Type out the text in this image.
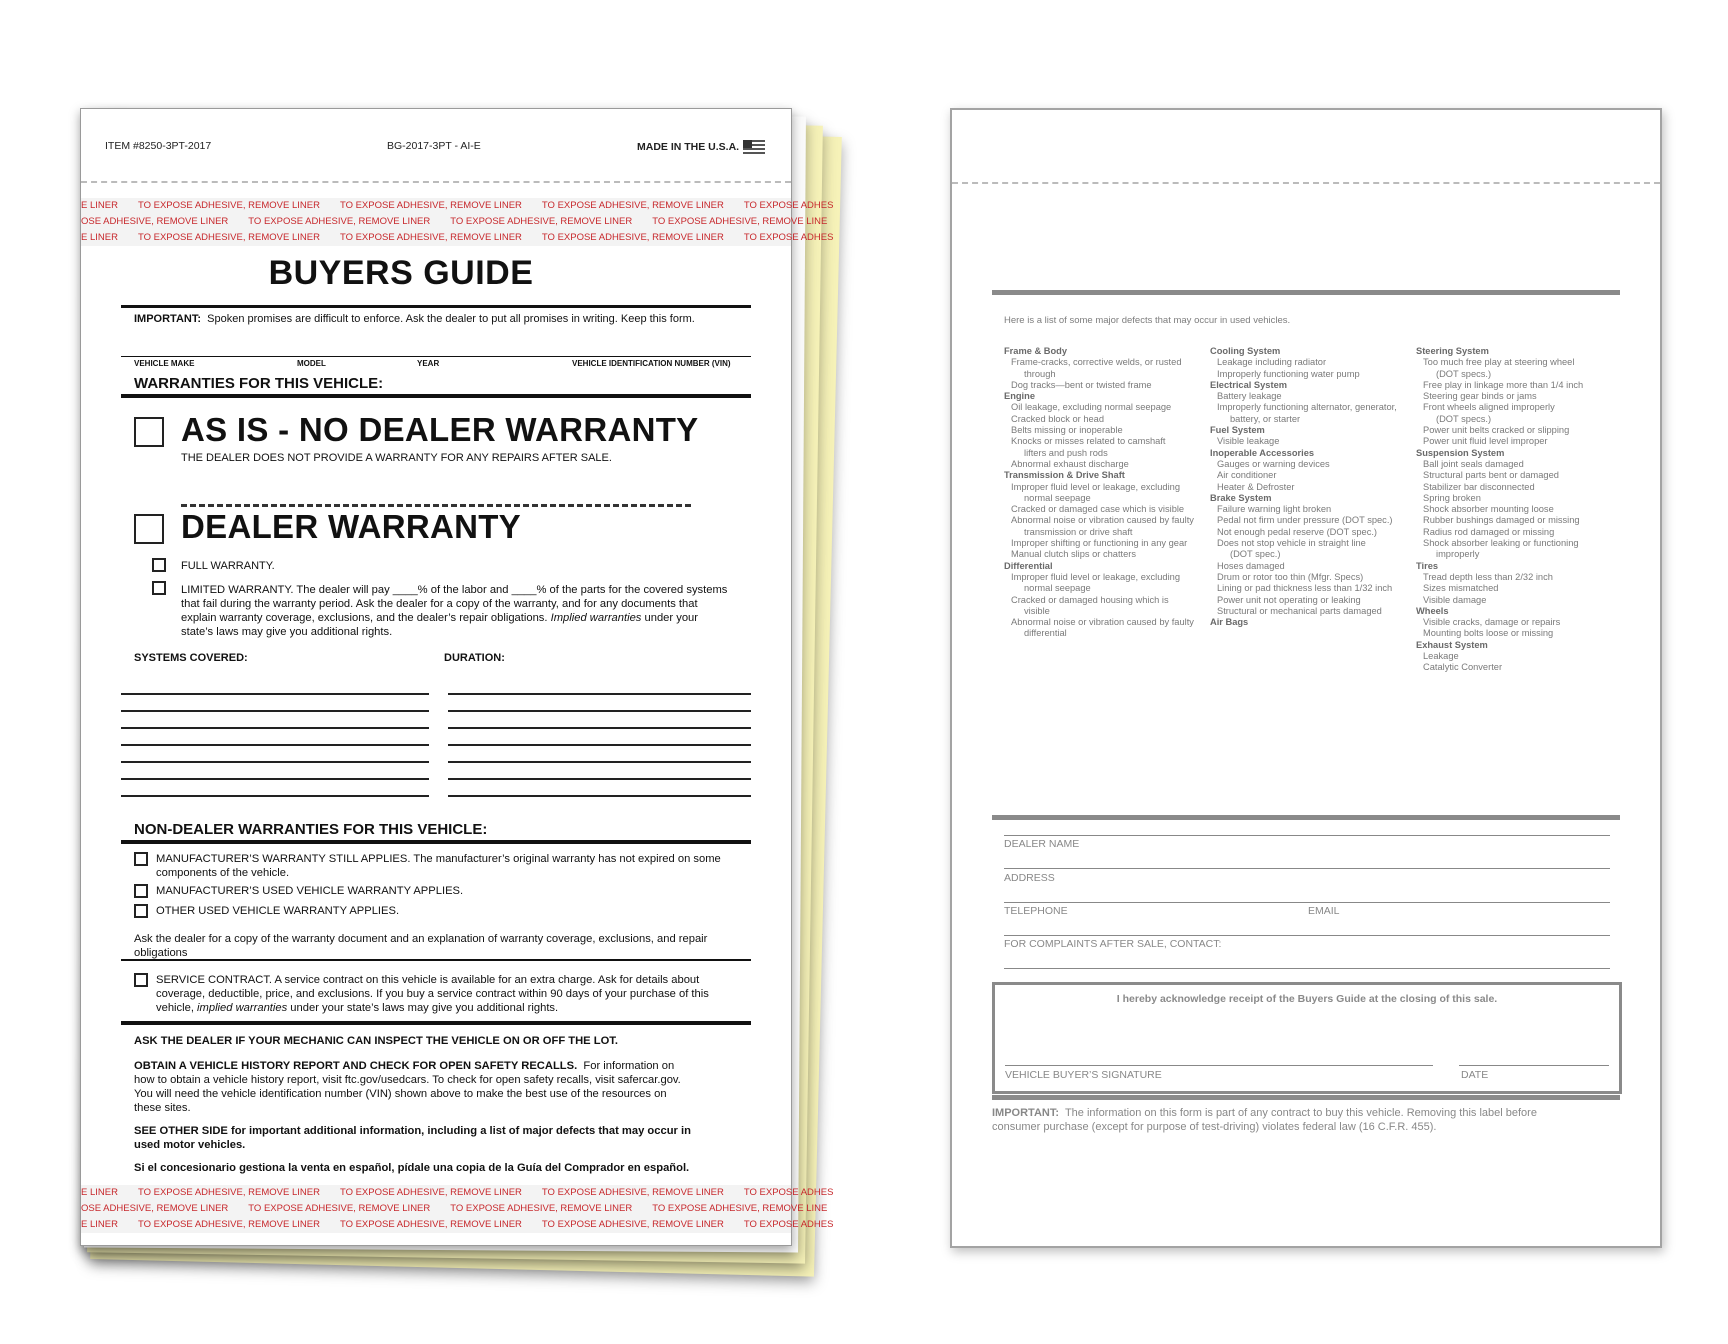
ITEM #8250-3PT-2017	BG-2017-3PT - AI-E	MADE IN THE U.S.A.
E LINER TO EXPOSE ADHESIVE, REMOVE LINER TO EXPOSE ADHESIVE, REMOVE LINER TO EXPOSE ADHESIVE, REMOVE LINER TO EXPOSE ADHES
OSE ADHESIVE, REMOVE LINER TO EXPOSE ADHESIVE, REMOVE LINER TO EXPOSE ADHESIVE, REMOVE LINER TO EXPOSE ADHESIVE, REMOVE LINE
E LINER TO EXPOSE ADHESIVE, REMOVE LINER TO EXPOSE ADHESIVE, REMOVE LINER TO EXPOSE ADHESIVE, REMOVE LINER TO EXPOSE ADHES
BUYERS GUIDE
IMPORTANT: Spoken promises are difficult to enforce. Ask the dealer to put all promises in writing. Keep this form.
VEHICLE MAKE	MODEL	YEAR	VEHICLE IDENTIFICATION NUMBER (VIN)
WARRANTIES FOR THIS VEHICLE:
AS IS - NO DEALER WARRANTY
THE DEALER DOES NOT PROVIDE A WARRANTY FOR ANY REPAIRS AFTER SALE.
DEALER WARRANTY
FULL WARRANTY.
LIMITED WARRANTY. The dealer will pay ____% of the labor and ____% of the parts for the covered systems
that fail during the warranty period. Ask the dealer for a copy of the warranty, and for any documents that
explain warranty coverage, exclusions, and the dealer’s repair obligations. Implied warranties under your
state’s laws may give you additional rights.
SYSTEMS COVERED:	DURATION:
NON-DEALER WARRANTIES FOR THIS VEHICLE:
MANUFACTURER’S WARRANTY STILL APPLIES. The manufacturer’s original warranty has not expired on some
components of the vehicle.
MANUFACTURER’S USED VEHICLE WARRANTY APPLIES.
OTHER USED VEHICLE WARRANTY APPLIES.
Ask the dealer for a copy of the warranty document and an explanation of warranty coverage, exclusions, and repair
obligations
SERVICE CONTRACT. A service contract on this vehicle is available for an extra charge. Ask for details about
coverage, deductible, price, and exclusions. If you buy a service contract within 90 days of your purchase of this
vehicle, implied warranties under your state’s laws may give you additional rights.
ASK THE DEALER IF YOUR MECHANIC CAN INSPECT THE VEHICLE ON OR OFF THE LOT.
OBTAIN A VEHICLE HISTORY REPORT AND CHECK FOR OPEN SAFETY RECALLS. For information on
how to obtain a vehicle history report, visit ftc.gov/usedcars. To check for open safety recalls, visit safercar.gov.
You will need the vehicle identification number (VIN) shown above to make the best use of the resources on
these sites.
SEE OTHER SIDE for important additional information, including a list of major defects that may occur in
used motor vehicles.
Si el concesionario gestiona la venta en español, pídale una copia de la Guía del Comprador en español.
E LINER TO EXPOSE ADHESIVE, REMOVE LINER TO EXPOSE ADHESIVE, REMOVE LINER TO EXPOSE ADHESIVE, REMOVE LINER TO EXPOSE ADHES
OSE ADHESIVE, REMOVE LINER TO EXPOSE ADHESIVE, REMOVE LINER TO EXPOSE ADHESIVE, REMOVE LINER TO EXPOSE ADHESIVE, REMOVE LINE
E LINER TO EXPOSE ADHESIVE, REMOVE LINER TO EXPOSE ADHESIVE, REMOVE LINER TO EXPOSE ADHESIVE, REMOVE LINER TO EXPOSE ADHES
Here is a list of some major defects that may occur in used vehicles.
Frame & Body
Frame-cracks, corrective welds, or rusted
through
Dog tracks—bent or twisted frame
Engine
Oil leakage, excluding normal seepage
Cracked block or head
Belts missing or inoperable
Knocks or misses related to camshaft
lifters and push rods
Abnormal exhaust discharge
Transmission & Drive Shaft
Improper fluid level or leakage, excluding
normal seepage
Cracked or damaged case which is visible
Abnormal noise or vibration caused by faulty
transmission or drive shaft
Improper shifting or functioning in any gear
Manual clutch slips or chatters
Differential
Improper fluid level or leakage, excluding
normal seepage
Cracked or damaged housing which is
visible
Abnormal noise or vibration caused by faulty
differential
Cooling System
Leakage including radiator
Improperly functioning water pump
Electrical System
Battery leakage
Improperly functioning alternator, generator,
battery, or starter
Fuel System
Visible leakage
Inoperable Accessories
Gauges or warning devices
Air conditioner
Heater & Defroster
Brake System
Failure warning light broken
Pedal not firm under pressure (DOT spec.)
Not enough pedal reserve (DOT spec.)
Does not stop vehicle in straight line
(DOT spec.)
Hoses damaged
Drum or rotor too thin (Mfgr. Specs)
Lining or pad thickness less than 1/32 inch
Power unit not operating or leaking
Structural or mechanical parts damaged
Air Bags
Steering System
Too much free play at steering wheel
(DOT specs.)
Free play in linkage more than 1/4 inch
Steering gear binds or jams
Front wheels aligned improperly
(DOT specs.)
Power unit belts cracked or slipping
Power unit fluid level improper
Suspension System
Ball joint seals damaged
Structural parts bent or damaged
Stabilizer bar disconnected
Spring broken
Shock absorber mounting loose
Rubber bushings damaged or missing
Radius rod damaged or missing
Shock absorber leaking or functioning
improperly
Tires
Tread depth less than 2/32 inch
Sizes mismatched
Visible damage
Wheels
Visible cracks, damage or repairs
Mounting bolts loose or missing
Exhaust System
Leakage
Catalytic Converter
DEALER NAME
ADDRESS
TELEPHONE	EMAIL
FOR COMPLAINTS AFTER SALE, CONTACT:
I hereby acknowledge receipt of the Buyers Guide at the closing of this sale.
VEHICLE BUYER’S SIGNATURE	DATE
IMPORTANT: The information on this form is part of any contract to buy this vehicle. Removing this label before
consumer purchase (except for purpose of test-driving) violates federal law (16 C.F.R. 455).
